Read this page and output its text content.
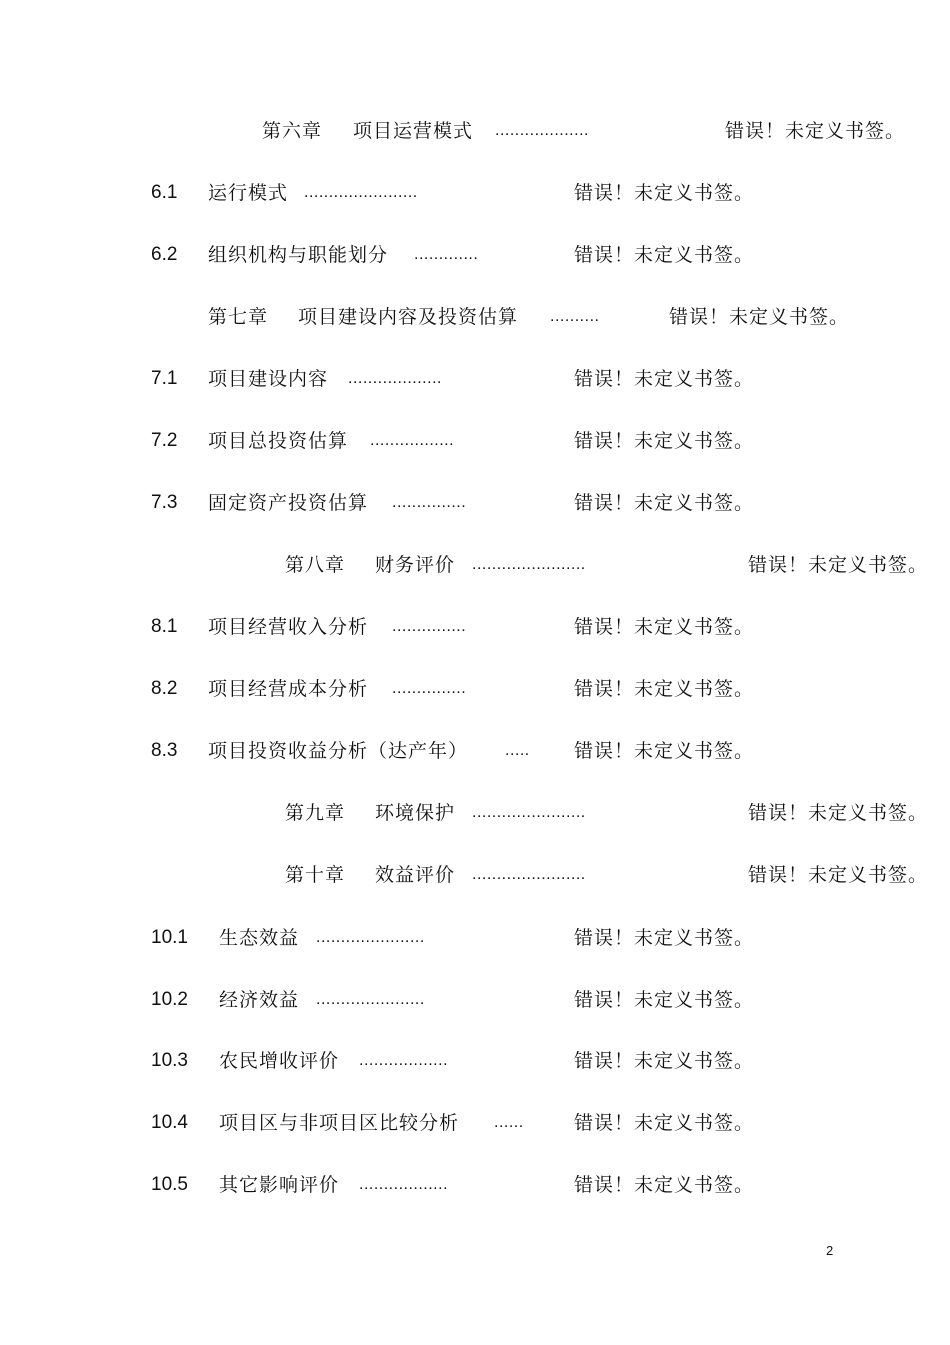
第六章 项目运营模式 ...................	错误！未定义书签。
6.1 运行模式 .......................	错误！未定义书签。
6.2 组织机构与职能划分 .............	错误！未定义书签。
第七章 项目建设内容及投资估算 ..........	错误！未定义书签。
7.1 项目建设内容 ...................	错误！未定义书签。
7.2 项目总投资估算 .................	错误！未定义书签。
7.3 固定资产投资估算 ...............	错误！未定义书签。
第八章 财务评价 .......................	错误！未定义书签。
8.1 项目经营收入分析 ...............	错误！未定义书签。
8.2 项目经营成本分析 ...............	错误！未定义书签。
8.3 项目投资收益分析（达产年） ..... 错误！未定义书签。
第九章 环境保护 .......................	错误！未定义书签。
第十章 效益评价 .......................	错误！未定义书签。
10.1 生态效益 ......................	错误！未定义书签。
10.2 经济效益 ......................	错误！未定义书签。
10.3 农民增收评价 ..................	错误！未定义书签。
10.4 项目区与非项目区比较分析 ......	错误！未定义书签。
10.5 其它影响评价 ..................	错误！未定义书签。
2
